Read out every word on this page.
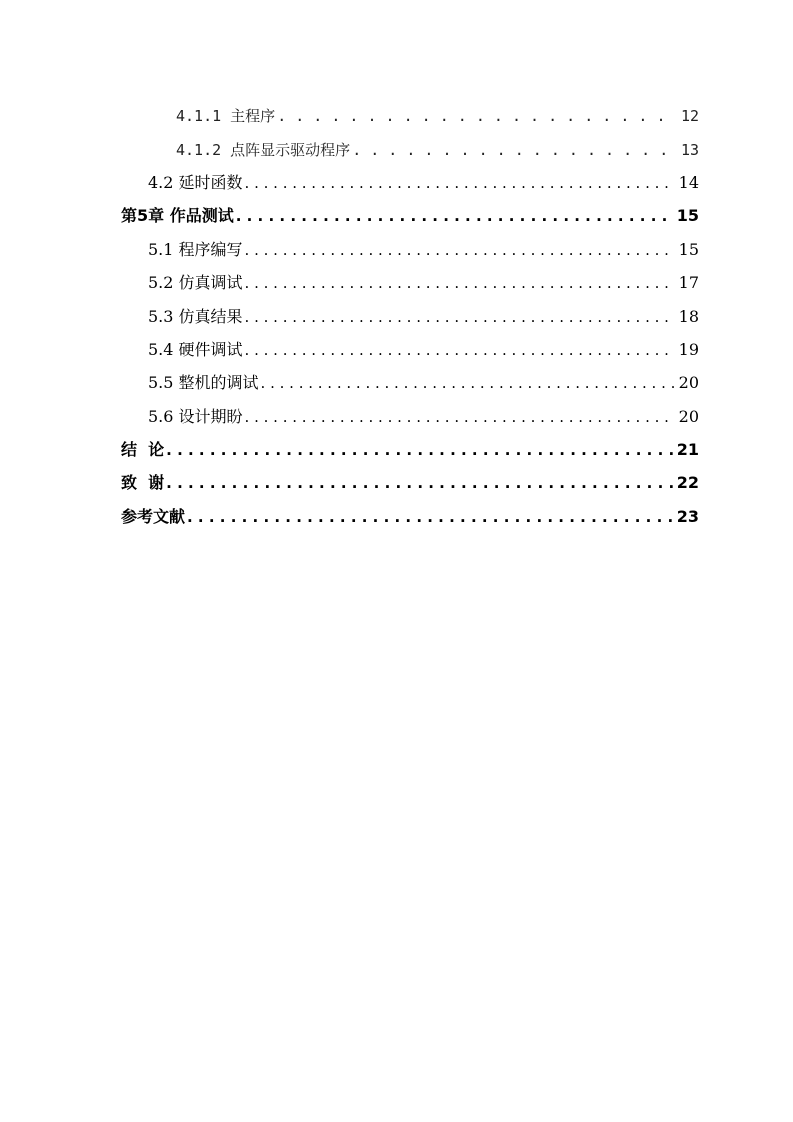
4.1.1 主程序 . . .	12
4.1.2 点阵显示驱动程序 . . .	13
4.2 延时函数 . . .	14
第5章 作品测试 . . .	15
5.1 程序编写 . . .	15
5.2 仿真调试 . . .	17
5.3 仿真结果 . . .	18
5.4 硬件调试 . . .	19
5.5 整机的调试 . . .	20
5.6 设计期盼 . . .	20
结  论 . . .	21
致  谢 . . .	22
参考文献 . . .	23
